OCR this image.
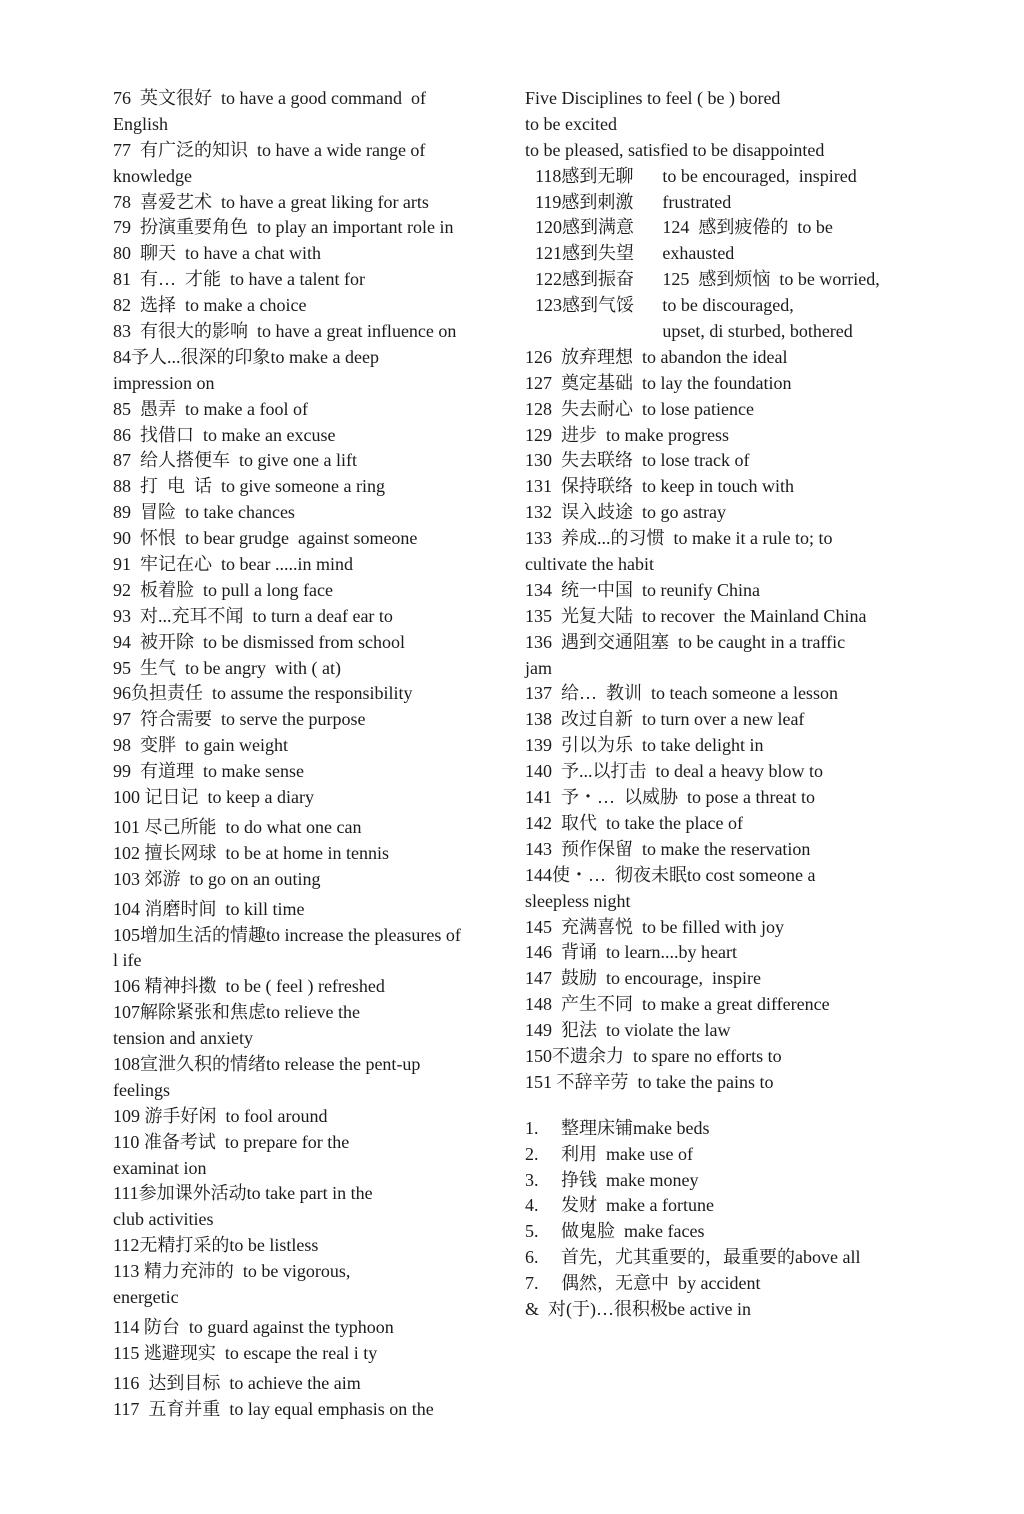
76  英文很好  to have a good command  of
English
77  有广泛的知识  to have a wide range of
knowledge
78  喜爱艺术  to have a great liking for arts
79  扮演重要角色  to play an important role in
80  聊天  to have a chat with
81  有…  才能  to have a talent for
82  选择  to make a choice
83  有很大的影响  to have a great influence on
84予人...很深的印象to make a deep
impression on
85  愚弄  to make a fool of
86  找借口  to make an excuse
87  给人搭便车  to give one a lift
88  打  电  话  to give someone a ring
89  冒险  to take chances
90  怀恨  to bear grudge  against someone
91  牢记在心  to bear .....in mind
92  板着脸  to pull a long face
93  对...充耳不闻  to turn a deaf ear to
94  被开除  to be dismissed from school
95  生气  to be angry  with ( at)
96负担责任  to assume the responsibility
97  符合需要  to serve the purpose
98  变胖  to gain weight
99  有道理  to make sense
100 记日记  to keep a diary
101 尽己所能  to do what one can
102 擅长网球  to be at home in tennis
103 郊游  to go on an outing
104 消磨时间  to kill time
105增加生活的情趣to increase the pleasures of
l ife
106 精神抖擞  to be ( feel ) refreshed
107解除紧张和焦虑to relieve the
tension and anxiety
108宣泄久积的情绪to release the pent-up
feelings
109 游手好闲  to fool around
110 准备考试  to prepare for the
examinat ion
111参加课外活动to take part in the
club activities
112无精打采的to be listless
113 精力充沛的  to be vigorous,
energetic
114 防台  to guard against the typhoon
115 逃避现实  to escape the real i ty
116  达到目标  to achieve the aim
117  五育并重  to lay equal emphasis on the
Five Disciplines to feel ( be ) bored
to be excited
to be pleased, satisfied to be disappointed
118感到无聊
119感到刺激
120感到满意
121感到失望
122感到振奋
123感到气馁
to be encouraged,  inspired
frustrated
124  感到疲倦的  to be
exhausted
125  感到烦恼  to be worried,
to be discouraged,
upset, di sturbed, bothered
126  放弃理想  to abandon the ideal
127  奠定基础  to lay the foundation
128  失去耐心  to lose patience
129  进步  to make progress
130  失去联络  to lose track of
131  保持联络  to keep in touch with
132  误入歧途  to go astray
133  养成...的习惯  to make it a rule to; to
cultivate the habit
134  统一中国  to reunify China
135  光复大陆  to recover  the Mainland China
136  遇到交通阻塞  to be caught in a traffic
jam
137  给…  教训  to teach someone a lesson
138  改过自新  to turn over a new leaf
139  引以为乐  to take delight in
140  予...以打击  to deal a heavy blow to
141  予・…  以威胁  to pose a threat to
142  取代  to take the place of
143  预作保留  to make the reservation
144使・…  彻夜未眠to cost someone a
sleepless night
145  充满喜悦  to be filled with joy
146  背诵  to learn....by heart
147  鼓励  to encourage,  inspire
148  产生不同  to make a great difference
149  犯法  to violate the law
150不遗余力  to spare no efforts to
151 不辞辛劳  to take the pains to
1.     整理床铺make beds
2.     利用  make use of
3.     挣钱  make money
4.     发财  make a fortune
5.     做鬼脸  make faces
6.     首先，尤其重要的，最重要的above all
7.     偶然，无意中  by accident
&  对(于)…很积极be active in
